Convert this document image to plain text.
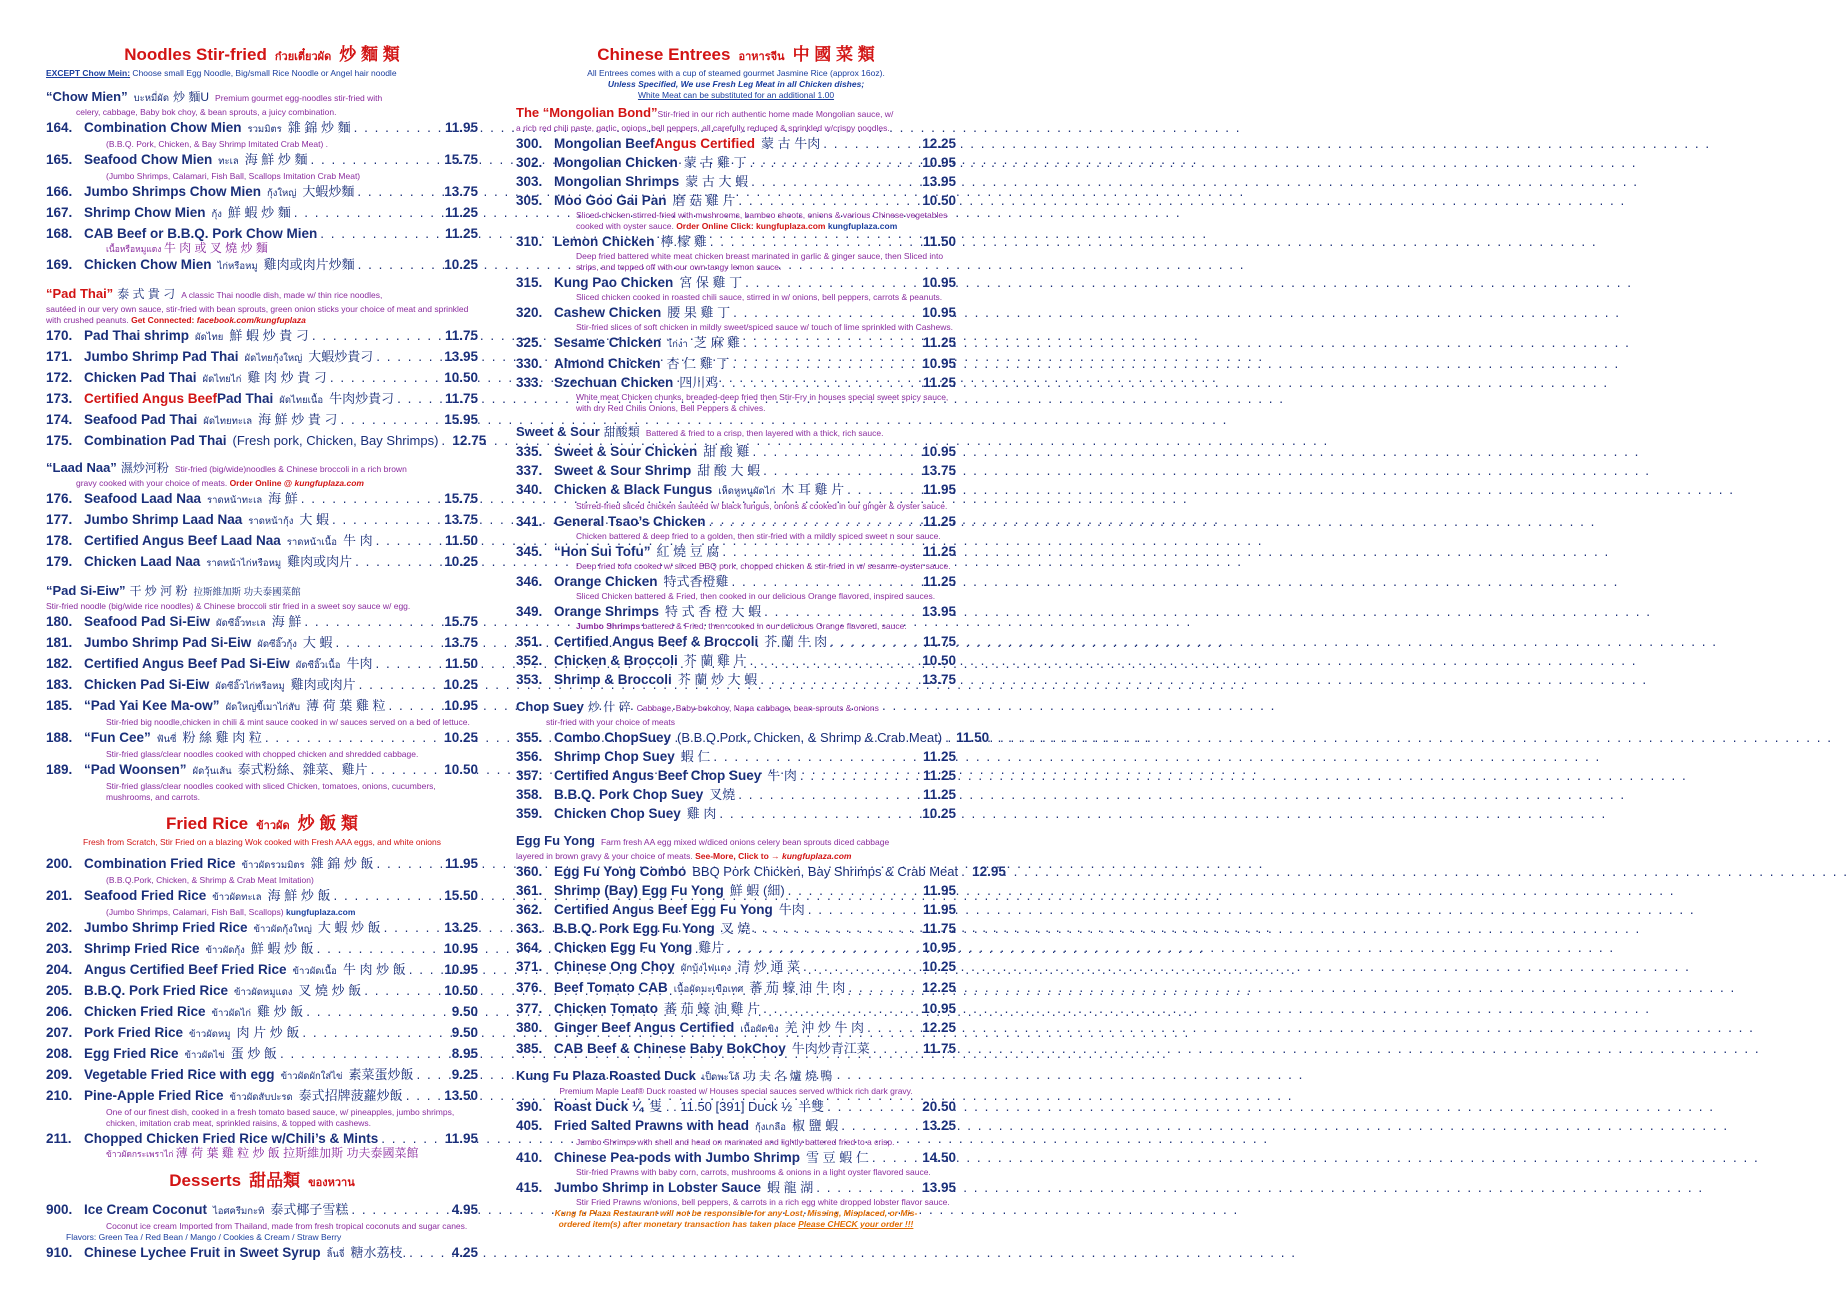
Noodles Stir-fried ก๋วยเตี๋ยวผัด 炒 麵 類
EXCEPT Chow Mein: Choose small Egg Noodle, Big/small Rice Noodle or Angel hair noodle
“Chow Mien” บะหมี่ผัด 炒 麵U Premium gourmet egg-noodles stir-fried with
celery, cabbage, Baby bok choy, & bean sprouts, a juicy combination.
164. Combination Chow Mien รวมมิตร 雜 錦 炒 麵 . . .	11.95
(B.B.Q. Pork, Chicken, & Bay Shrimp Imitated Crab Meat) .
165. Seafood Chow Mien ทะเล 海 鮮 炒 麵 . . .	15.75
(Jumbo Shrimps, Calamari, Fish Ball, Scallops Imitation Crab Meat)
166. Jumbo Shrimps Chow Mien กุ้งใหญ่ 大蝦炒麵 . . .	13.75
167. Shrimp Chow Mien กุ้ง 鮮 蝦 炒 麵 . . .	11.25
168. CAB Beef or B.B.Q. Pork Chow Mien . . .	11.25
เนื้อหรือหมูแดง 牛 肉 或 叉 燒 炒 麵
169. Chicken Chow Mien ไก่หรือหมู 雞肉或肉片炒麵 . . .	10.25
“Pad Thai” 泰 式 貴 刁 A classic Thai noodle dish, made w/ thin rice noodles,
sautéed in our very own sauce, stir-fried with bean sprouts, green onion sticks your choice of meat and sprinkled with crushed peanuts. Get Connected: facebook.com/kungfuplaza
170. Pad Thai shrimp ผัดไทย 鮮 蝦 炒 貴 刁 . . .	11.75
171. Jumbo Shrimp Pad Thai ผัดไทยกุ้งใหญ่ 大蝦炒貴刁 . . .	13.95
172. Chicken Pad Thai ผัดไทยไก่ 雞 肉 炒 貴 刁 . . .	10.50
173. Certified Angus Beef Pad Thai ผัดไทยเนื้อ 牛肉炒貴刁 . . .	11.75
174. Seafood Pad Thai ผัดไทยทะเล 海 鮮 炒 貴 刁 . . .	15.95
175. Combination Pad Thai (Fresh pork, Chicken, Bay Shrimps) . . . 12.75
“Laad Naa” 濕炒河粉 Stir-fried (big/wide)noodles & Chinese broccoli in a rich brown
gravy cooked with your choice of meats. Order Online @ kungfuplaza.com
176. Seafood Laad Naa ราดหน้าทะเล 海 鮮 . . .	15.75
177. Jumbo Shrimp Laad Naa ราดหน้ากุ้ง 大 蝦 . . .	13.75
178. Certified Angus Beef Laad Naa ราดหน้าเนื้อ 牛 肉 . . .	11.50
179. Chicken Laad Naa ราดหน้าไก่หรือหมู 雞肉或肉片 . . .	10.25
“Pad Si-Eiw” 干 炒 河 粉 拉斯維加斯 功夫泰國菜館
Stir-fried noodle (big/wide rice noodles) & Chinese broccoli stir fried in a sweet soy sauce w/ egg.
180. Seafood Pad Si-Eiw ผัดซีอิ๊วทะเล 海 鮮 . . .	15.75
181. Jumbo Shrimp Pad Si-Eiw ผัดซีอิ๊วกุ้ง 大 蝦 . . .	13.75
182. Certified Angus Beef Pad Si-Eiw ผัดซีอิ๊วเนื้อ 牛肉 . . .	11.50
183. Chicken Pad Si-Eiw ผัดซีอิ๊วไก่หรือหมู 雞肉或肉片 . . .	10.25
185. “Pad Yai Kee Ma-ow” ผัดใหญ่ขี้เมาไก่สับ 薄 荷 葉 雞 粒 . . .	10.95
Stir-fried big noodle,chicken in chili & mint sauce cooked in w/ sauces served on a bed of lettuce.
188. “Fun Cee” ฟันซี่ 粉 絲 雞 肉 粒 . . .	10.25
Stir-fried glass/clear noodles cooked with chopped chicken and shredded cabbage.
189. “Pad Woonsen” ผัดวุ้นเส้น 泰式粉絲、雜菜、雞片 . . .	10.50
Stir-fried glass/clear noodles cooked with sliced Chicken, tomatoes, onions, cucumbers, mushrooms, and carrots.
Fried Rice ข้าวผัด 炒 飯 類
Fresh from Scratch, Stir Fried on a blazing Wok cooked with Fresh AAA eggs, and white onions
200. Combination Fried Rice ข้าวผัดรวมมิตร 雜 錦 炒 飯 . . .	11.95
(B.B.Q.Pork, Chicken, & Shrimp & Crab Meat Imitation)
201. Seafood Fried Rice ข้าวผัดทะเล 海 鮮 炒 飯 . . .	15.50
(Jumbo Shrimps, Calamari, Fish Ball, Scallops) kungfuplaza.com
202. Jumbo Shrimp Fried Rice ข้าวผัดกุ้งใหญ่ 大 蝦 炒 飯 . . .	13.25
203. Shrimp Fried Rice ข้าวผัดกุ้ง 鮮 蝦 炒 飯 . . .	10.95
204. Angus Certified Beef Fried Rice ข้าวผัดเนื้อ 牛 肉 炒 飯 . . .	10.95
205. B.B.Q. Pork Fried Rice ข้าวผัดหมูแดง 叉 燒 炒 飯 . . .	10.50
206. Chicken Fried Rice ข้าวผัดไก่ 雞 炒 飯 . . .	9.50
207. Pork Fried Rice ข้าวผัดหมู 肉 片 炒 飯 . . .	9.50
208. Egg Fried Rice ข้าวผัดไข่ 蛋 炒 飯 . . .	8.95
209. Vegetable Fried Rice with egg ข้าวผัดผักใส่ไข่ 素菜蛋炒飯 . . .	9.25
210. Pine-Apple Fried Rice ข้าวผัดสับปะรด 泰式招牌菠蘿炒飯 . . .	13.50
One of our finest dish, cooked in a fresh tomato based sauce, w/ pineapples, jumbo shrimps, chicken, imitation crab meat, sprinkled raisins, & topped with cashews.
211. Chopped Chicken Fried Rice w/Chili’s & Mints . . .	11.95
ข้าวผัดกระเพราไก่ 薄 荷 葉 雞 粒 炒 飯 拉斯維加斯 功夫泰國菜館
Desserts 甜品類 ของหวาน
900. Ice Cream Coconut ไอศครีมกะทิ 泰式椰子雪糕 . . .	4.95
Coconut ice cream Imported from Thailand, made from fresh tropical coconuts and sugar canes.
Flavors: Green Tea / Red Bean / Mango / Cookies & Cream / Straw Berry
910. Chinese Lychee Fruit in Sweet Syrup ลิ้นจี่ 糖水荔枝. . . .	4.25
Chinese Entrees อาหารจีน 中 國 菜 類
All Entrees comes with a cup of steamed gourmet Jasmine Rice (approx 16oz).
Unless Specified, We use Fresh Leg Meat in all Chicken dishes;
White Meat can be substituted for an additional 1.00
The “Mongolian Bond”Stir-fried in our rich authentic home made Mongolian sauce, w/
a rich red chili paste, garlic, onions, bell peppers, all carefully reduced & sprinkled w/crispy noodles.
300. Mongolian Beef Angus Certified 蒙 古 牛肉 . . .	12.25
302. Mongolian Chicken 蒙 古 雞 丁 . . .	10.95
303. Mongolian Shrimps 蒙 古 大 蝦 . . .	13.95
305. Moo Goo Gai Pan 磨 菇 雞 片 . . .	10.50
Sliced chicken stirred-fried with mushrooms, bamboo shoots, onions & various Chinese vegetables cooked with oyster sauce. Order Online Click: kungfuplaza.com kungfuplaza.com
310. Lemon Chicken 檸.檬 雞 . . .	11.50
Deep fried battered white meat chicken breast marinated in garlic & ginger sauce, then Sliced into strips, and topped off with our own tangy lemon sauce.
315. Kung Pao Chicken 宮 保 雞 丁 . . .	10.95
Sliced chicken cooked in roasted chili sauce, stirred in w/ onions, bell peppers, carrots & peanuts.
320. Cashew Chicken 腰 果 雞 丁 . . .	10.95
Stir-fried slices of soft chicken in mildly sweet/spiced sauce w/ touch of lime sprinkled with Cashews.
325. Sesame Chicken ไก่งา 芝 麻 雞 . . .	11.25
330. Almond Chicken 杏 仁 雞 丁 . . .	10.95
333. Szechuan Chicken 四川鸡 . . .	11.25
White meat Chicken chunks, breaded-deep fried then Stir-Fry in houses special sweet spicy sauce, with dry Red Chilis Onions, Bell Peppers & chives.
Sweet & Sour 甜酸類 Battered & fried to a crisp, then layered with a thick, rich sauce.
335. Sweet & Sour Chicken 甜 酸 雞 . . .	10.95
337. Sweet & Sour Shrimp 甜 酸 大 蝦 . . .	13.75
340. Chicken & Black Fungus เห็ดหูหนูผัดไก่ 木 耳 雞 片 . . .	11.95
Stirred-fried sliced chicken sautéed w/ black fungus, onions & cooked in our ginger & oyster sauce.
341. General Tsao’s Chicken . . .	11.25
Chicken battered & deep fried to a golden, then stir-fried with a mildly spiced sweet n sour sauce.
345. “Hon Sui Tofu” 紅 燒 豆 腐 . . .	11.25
Deep fried tofu cooked w/ sliced BBQ pork, chopped chicken & stir-fried in w/ sesame-oyster sauce.
346. Orange Chicken 特式香橙雞 . . .	11.25
Sliced Chicken battered & Fried, then cooked in our delicious Orange flavored, inspired sauces.
349. Orange Shrimps 特 式 香 橙 大 蝦 . . .	13.95
Jumbo Shrimps battered & Fried, then cooked in our delicious Orange flavored, sauce.
351. Certified Angus Beef & Broccoli 芥 蘭 牛 肉 . . .	11.75
352. Chicken & Broccoli 芥 蘭 雞 片 . . .	10.50
353. Shrimp & Broccoli 芥 蘭 炒 大 蝦 . . .	13.75
Chop Suey 炒 什 碎 Cabbage, Baby-bokchoy, Napa cabbage, bean-sprouts & onions
stir-fried with your choice of meats
355. Combo ChopSuey (B.B.Q.Pork, Chicken, & Shrimp & Crab Meat) . . . 11.50
356. Shrimp Chop Suey 蝦 仁 . . .	11.25
357. Certified Angus Beef Chop Suey 牛 肉 . . .	11.25
358. B.B.Q. Pork Chop Suey 叉燒 . . .	11.25
359. Chicken Chop Suey 雞 肉 . . .	10.25
Egg Fu Yong Farm fresh AA egg mixed w/diced onions celery bean sprouts diced cabbage
layered in brown gravy & your choice of meats. See-More, Click to → kungfuplaza.com
360. Egg Fu Yong Combo BBQ Pork Chicken, Bay Shrimps & Crab Meat . . . 12.95
361. Shrimp (Bay) Egg Fu Yong 鮮 蝦 (細) . . .	11.95
362. Certified Angus Beef Egg Fu Yong 牛肉 . . .	11.95
363. B.B.Q. Pork Egg Fu Yong 叉 燒 . . .	11.75
364. Chicken Egg Fu Yong 雞片 . . .	10.95
371. Chinese Ong Choy ผักบุ้งไฟแดง 清 炒 通 菜 . . .	10.25
376. Beef Tomato CAB เนื้อผัดมะเขือเทศ 蕃 茄 蠔 油 牛 肉 . . .	12.25
377. Chicken Tomato 蕃 茄 蠔 油 雞 片 . . .	10.95
380. Ginger Beef Angus Certified เนื้อผัดขิง 羌 沖 炒 牛 肉 . . .	12.25
385. CAB Beef & Chinese Baby BokChoy 牛肉炒青江菜 . . .	11.75
Kung Fu Plaza Roasted Duck เป็ดพะโล้ 功 夫 名 爐 燒 鴨
Premium Maple Leaf® Duck roasted w/ Houses special sauces served w/thick rich dark gravy.
390. Roast Duck ¼ 隻 . . 11.50 [391] Duck ½ 半雙 . . .	20.50
405. Fried Salted Prawns with head กุ้งเกลือ 椒 鹽 蝦 . . .	13.25
Jumbo Shrimps with shell and head on marinated and lightly battered fried to a crisp.
410. Chinese Pea-pods with Jumbo Shrimp 雪 豆 蝦 仁 . . .	14.50
Stir-fried Prawns with baby corn, carrots, mushrooms & onions in a light oyster flavored sauce.
415. Jumbo Shrimp in Lobster Sauce 蝦 龍 湖 . . .	13.95
Stir Fried Prawns w/onions, bell peppers, & carrots in a rich egg white dropped lobster flavor sauce.
Kung fu Plaza Restaurant will not be responsible for any Lost, Missing, Misplaced, or Mis-
ordered item(s) after monetary transaction has taken place Please CHECK your order !!!
